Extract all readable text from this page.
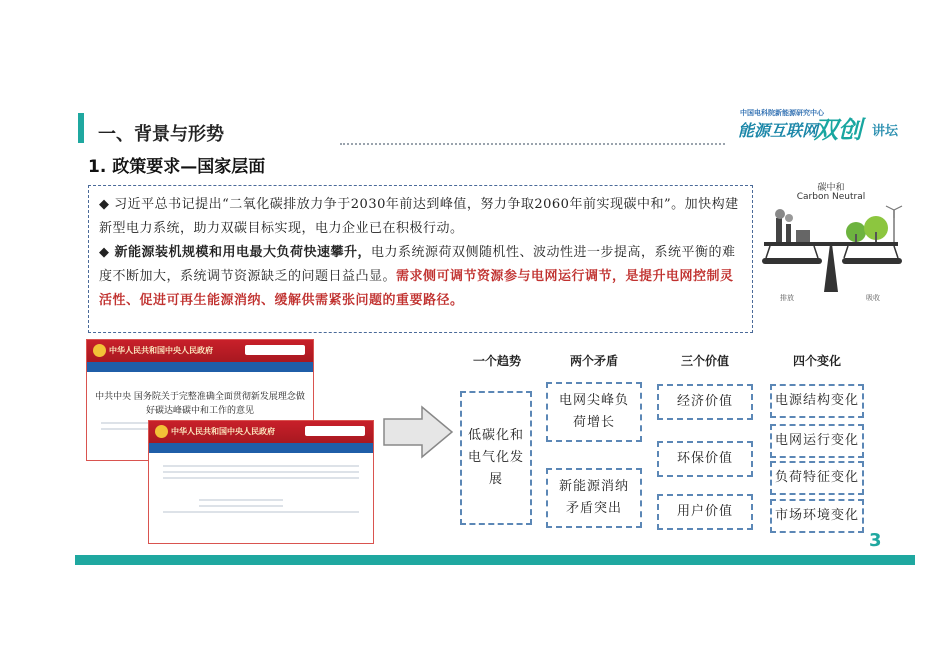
一、背景与形势
1. 政策要求—国家层面
中国电科院新能源研究中心
能源互联网
双创 讲坛

◆ 习近平总书记提出“二氧化碳排放力争于2030年前达到峰值，努力争取2060年前实现碳中和”。加快构建新型电力系统，助力双碳目标实现，电力企业已在积极行动。

◆ 新能源装机规模和用电最大负荷快速攀升，电力系统源荷双侧随机性、波动性进一步提高，系统平衡的难度不断加大，系统调节资源缺乏的问题日益凸显。需求侧可调节资源参与电网运行调节，是提升电网控制灵活性、促进可再生能源消纳、缓解供需紧张问题的重要路径。

碳中和
Carbon Neutral
排放	吸收
中华人民共和国中央人民政府
中共中央 国务院关于完整准确全面贯彻新发展理念做
好碳达峰碳中和工作的意见
中华人民共和国中央人民政府
一个趋势	两个矛盾	三个价值	四个变化
低碳化和电气化发展
电网尖峰负荷增长
新能源消纳矛盾突出
经济价值
环保价值
用户价值
电源结构变化
电网运行变化
负荷特征变化
市场环境变化
3
